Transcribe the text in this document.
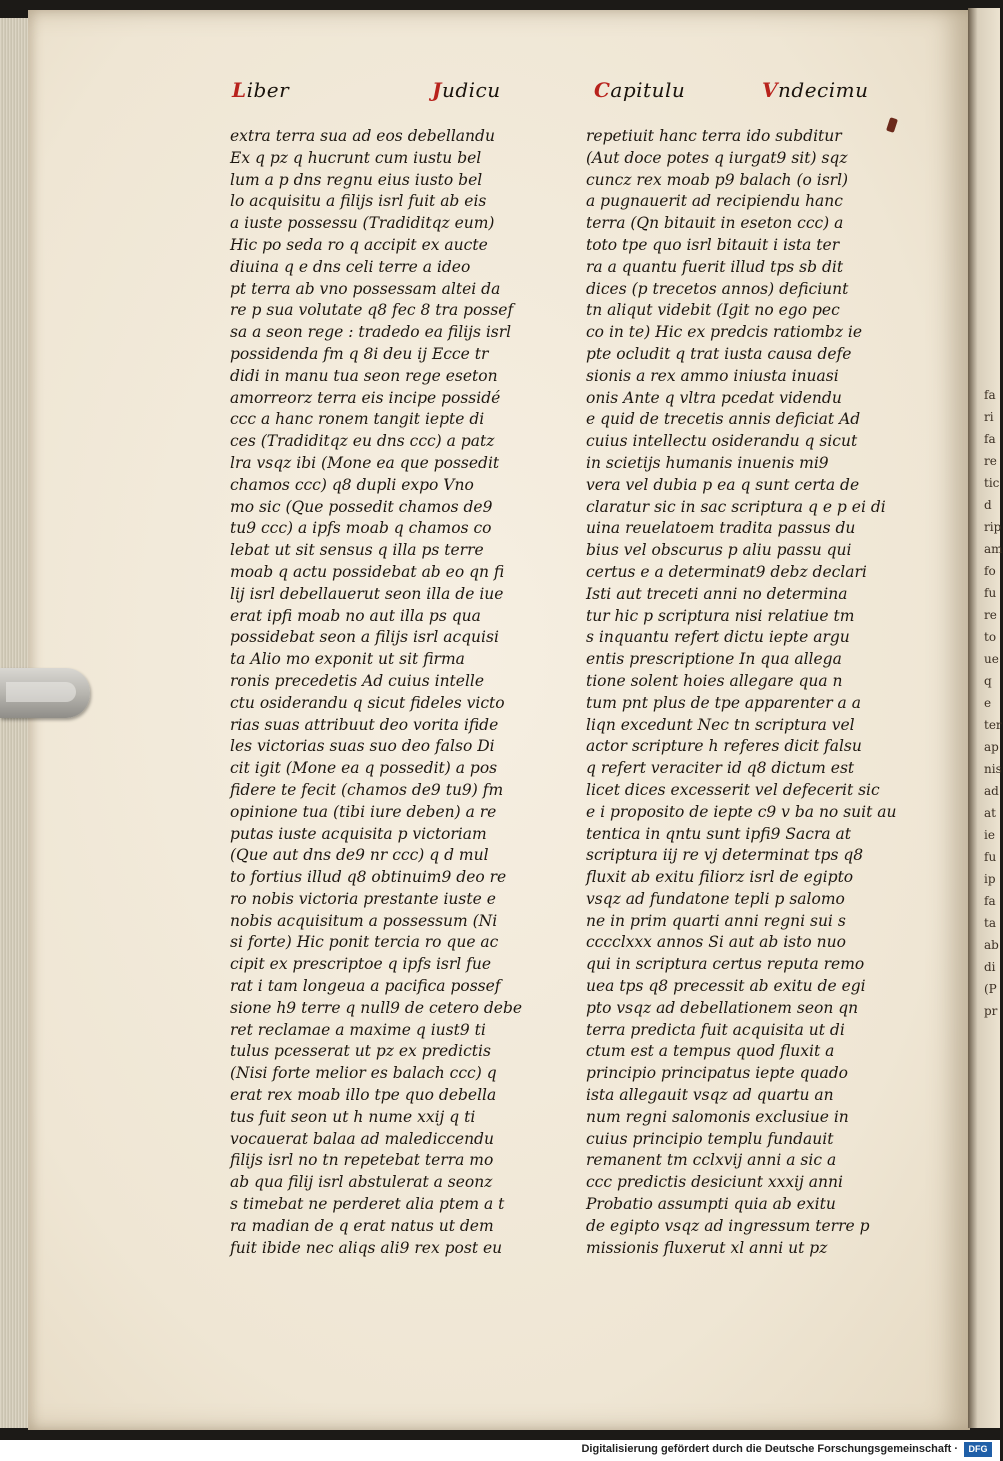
fa
ri
fa
re
tic
d
rip
am
fo
fu
re
to
ue
q
e
ter
ap
nis
ad
at
ie
fu
ip
fa
ta
ab
di
(P
pr
Liber	Judicu	Capitulu	Vndecimu
extra terra sua ad eos debellandu
Ex q pz q hucrunt cum iustu bel
lum a p dns regnu eius iusto bel
lo acquisitu a filijs isrl fuit ab eis
a iuste possessu (Tradiditqz eum)
Hic po seda ro q accipit ex aucte
diuina q e dns celi terre a ideo
pt terra ab vno possessam altei da
re p sua volutate q8 fec 8 tra possef
sa a seon rege : tradedo ea filijs isrl
possidenda fm q 8i deu ij Ecce tr
didi in manu tua seon rege eseton
amorreorz terra eis incipe possidé
ccc a hanc ronem tangit iepte di
ces (Tradiditqz eu dns ccc) a patz
lra vsqz ibi (Mone ea que possedit
chamos ccc) q8 dupli expo Vno
mo sic (Que possedit chamos de9
tu9 ccc) a ipfs moab q chamos co
lebat ut sit sensus q illa ps terre
moab q actu possidebat ab eo qn fi
lij isrl debellauerut seon illa de iue
erat ipfi moab no aut illa ps qua
possidebat seon a filijs isrl acquisi
ta Alio mo exponit ut sit firma
ronis precedetis Ad cuius intelle
ctu osiderandu q sicut fideles victo
rias suas attribuut deo vorita ifide
les victorias suas suo deo falso Di
cit igit (Mone ea q possedit) a pos
fidere te fecit (chamos de9 tu9) fm
opinione tua (tibi iure deben) a re
putas iuste acquisita p victoriam
(Que aut dns de9 nr ccc) q d mul
to fortius illud q8 obtinuim9 deo re
ro nobis victoria prestante iuste e
nobis acquisitum a possessum (Ni
si forte) Hic ponit tercia ro que ac
cipit ex prescriptoe q ipfs isrl fue
rat i tam longeua a pacifica possef
sione h9 terre q null9 de cetero debe
ret reclamae a maxime q iust9 ti
tulus pcesserat ut pz ex predictis
(Nisi forte melior es balach ccc) q
erat rex moab illo tpe quo debella
tus fuit seon ut h nume xxij q ti
vocauerat balaa ad malediccendu
filijs isrl no tn repetebat terra mo
ab qua filij isrl abstulerat a seonz
s timebat ne perderet alia ptem a t
ra madian de q erat natus ut dem
fuit ibide nec aliqs ali9 rex post eu
repetiuit hanc terra ido subditur
(Aut doce potes q iurgat9 sit) sqz
cuncz rex moab p9 balach (o isrl)
a pugnauerit ad recipiendu hanc
terra (Qn bitauit in eseton ccc) a
toto tpe quo isrl bitauit i ista ter
ra a quantu fuerit illud tps sb dit
dices (p trecetos annos) deficiunt
tn aliqut videbit (Igit no ego pec
co in te) Hic ex predcis ratiombz ie
pte ocludit q trat iusta causa defe
sionis a rex ammo iniusta inuasi
onis Ante q vltra pcedat videndu
e quid de trecetis annis deficiat Ad
cuius intellectu osiderandu q sicut
in scietijs humanis inuenis mi9
vera vel dubia p ea q sunt certa de
claratur sic in sac scriptura q e p ei di
uina reuelatoem tradita passus du
bius vel obscurus p aliu passu qui
certus e a determinat9 debz declari
Isti aut treceti anni no determina
tur hic p scriptura nisi relatiue tm
s inquantu refert dictu iepte argu
entis prescriptione In qua allega
tione solent hoies allegare qua n
tum pnt plus de tpe apparenter a a
liqn excedunt Nec tn scriptura vel
actor scripture h referes dicit falsu
q refert veraciter id q8 dictum est
licet dices excesserit vel defecerit sic
e i proposito de iepte c9 v ba no suit au
tentica in qntu sunt ipfi9 Sacra at
scriptura iij re vj determinat tps q8
fluxit ab exitu filiorz isrl de egipto
vsqz ad fundatone tepli p salomo
ne in prim quarti anni regni sui s
cccclxxx annos Si aut ab isto nuo
qui in scriptura certus reputa remo
uea tps q8 precessit ab exitu de egi
pto vsqz ad debellationem seon qn
terra predicta fuit acquisita ut di
ctum est a tempus quod fluxit a
principio principatus iepte quado
ista allegauit vsqz ad quartu an
num regni salomonis exclusiue in
cuius principio templu fundauit
remanent tm cclxvij anni a sic a
ccc predictis desiciunt xxxij anni
Probatio assumpti quia ab exitu
de egipto vsqz ad ingressum terre p
missionis fluxerut xl anni ut pz
Digitalisierung gefördert durch die Deutsche Forschungsgemeinschaft ·	DFG
